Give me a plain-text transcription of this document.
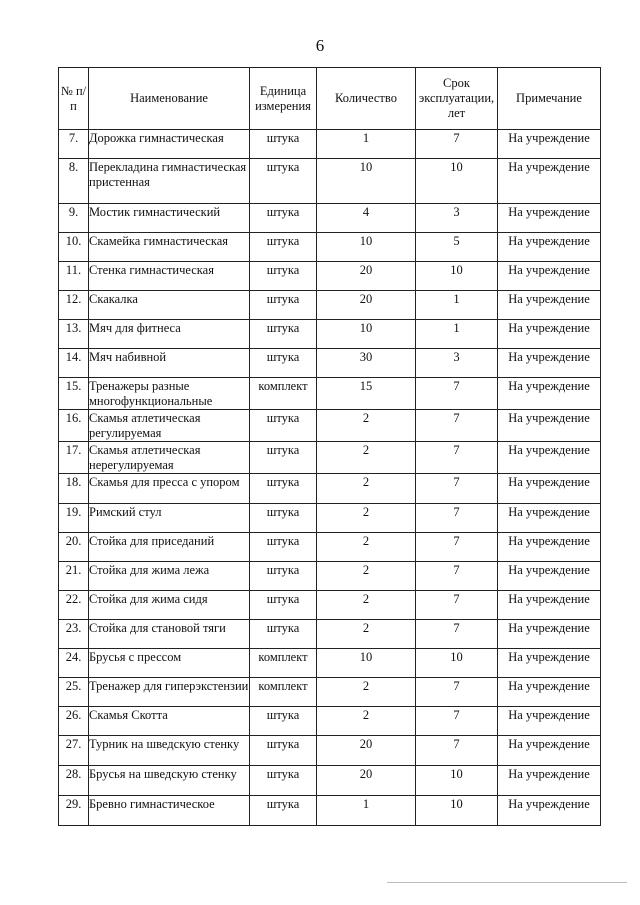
6
№ п/п	Наименование	Единица измерения	Количество	Срок эксплуатации, лет	Примечание
7.	Дорожка гимнастическая	штука	1	7	На учреждение
8.	Перекладина гимнастическая пристенная	штука	10	10	На учреждение
9.	Мостик гимнастический	штука	4	3	На учреждение
10.	Скамейка гимнастическая	штука	10	5	На учреждение
11.	Стенка гимнастическая	штука	20	10	На учреждение
12.	Скакалка	штука	20	1	На учреждение
13.	Мяч для фитнеса	штука	10	1	На учреждение
14.	Мяч набивной	штука	30	3	На учреждение
15.	Тренажеры разные многофункциональные	комплект	15	7	На учреждение
16.	Скамья атлетическая регулируемая	штука	2	7	На учреждение
17.	Скамья атлетическая нерегулируемая	штука	2	7	На учреждение
18.	Скамья для пресса с упором	штука	2	7	На учреждение
19.	Римский стул	штука	2	7	На учреждение
20.	Стойка для приседаний	штука	2	7	На учреждение
21.	Стойка для жима лежа	штука	2	7	На учреждение
22.	Стойка для жима сидя	штука	2	7	На учреждение
23.	Стойка для становой тяги	штука	2	7	На учреждение
24.	Брусья с прессом	комплект	10	10	На учреждение
25.	Тренажер для гиперэкстензии	комплект	2	7	На учреждение
26.	Скамья Скотта	штука	2	7	На учреждение
27.	Турник на шведскую стенку	штука	20	7	На учреждение
28.	Брусья на шведскую стенку	штука	20	10	На учреждение
29.	Бревно гимнастическое	штука	1	10	На учреждение
